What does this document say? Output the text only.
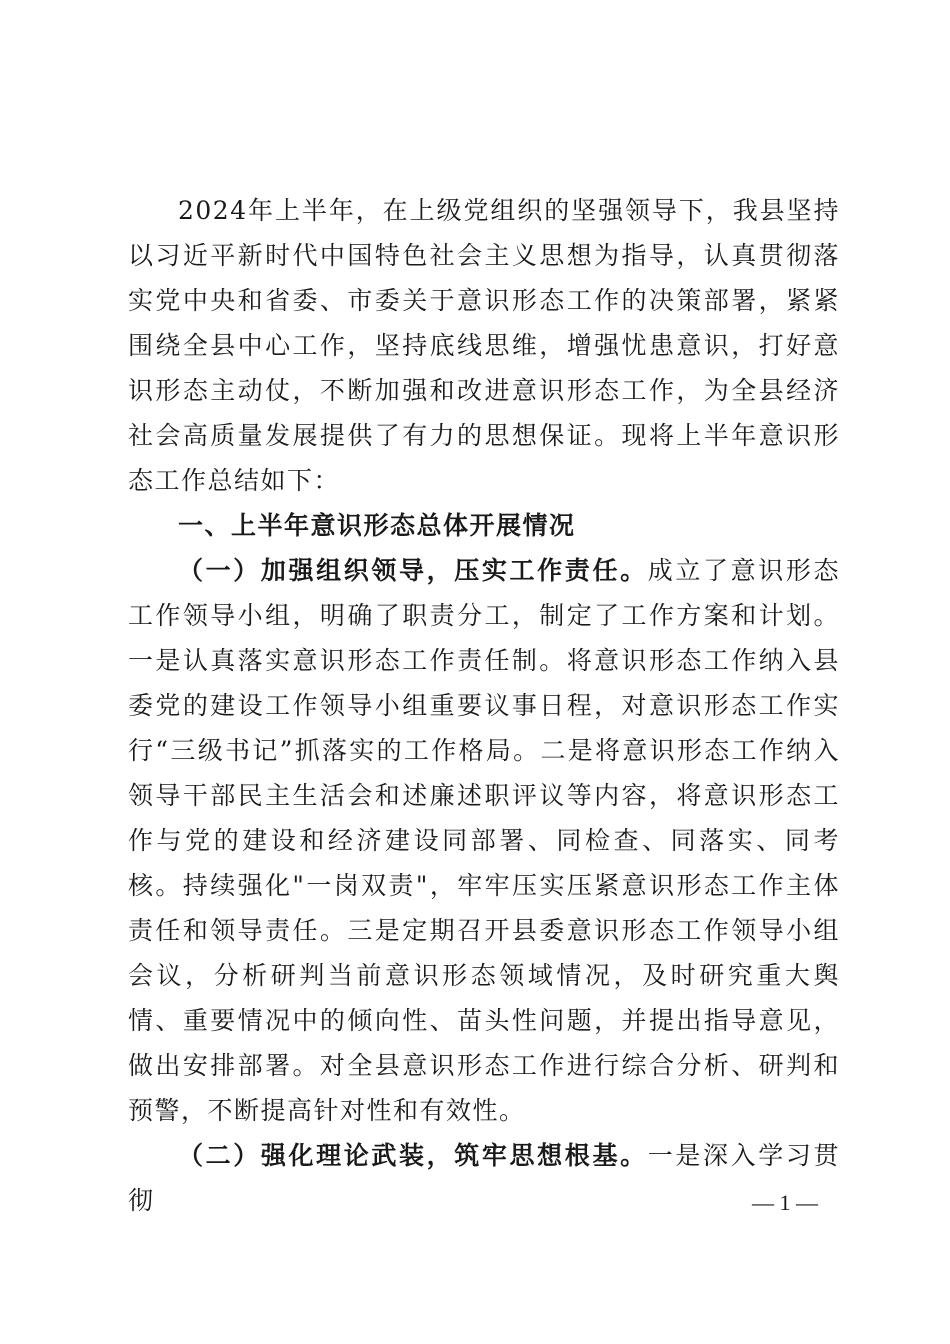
2024年上半年，在上级党组织的坚强领导下，我县坚持以习近平新时代中国特色社会主义思想为指导，认真贯彻落实党中央和省委、市委关于意识形态工作的决策部署，紧紧围绕全县中心工作，坚持底线思维，增强忧患意识，打好意识形态主动仗，不断加强和改进意识形态工作，为全县经济社会高质量发展提供了有力的思想保证。现将上半年意识形态工作总结如下：

一、上半年意识形态总体开展情况

（一）加强组织领导，压实工作责任。成立了意识形态工作领导小组，明确了职责分工，制定了工作方案和计划。一是认真落实意识形态工作责任制。将意识形态工作纳入县委党的建设工作领导小组重要议事日程，对意识形态工作实行“三级书记”抓落实的工作格局。二是将意识形态工作纳入领导干部民主生活会和述廉述职评议等内容，将意识形态工作与党的建设和经济建设同部署、同检查、同落实、同考核。持续强化"一岗双责"，牢牢压实压紧意识形态工作主体责任和领导责任。三是定期召开县委意识形态工作领导小组会议，分析研判当前意识形态领域情况，及时研究重大舆情、重要情况中的倾向性、苗头性问题，并提出指导意见，做出安排部署。对全县意识形态工作进行综合分析、研判和预警，不断提高针对性和有效性。

（二）强化理论武装，筑牢思想根基。一是深入学习贯彻	— 1 —
